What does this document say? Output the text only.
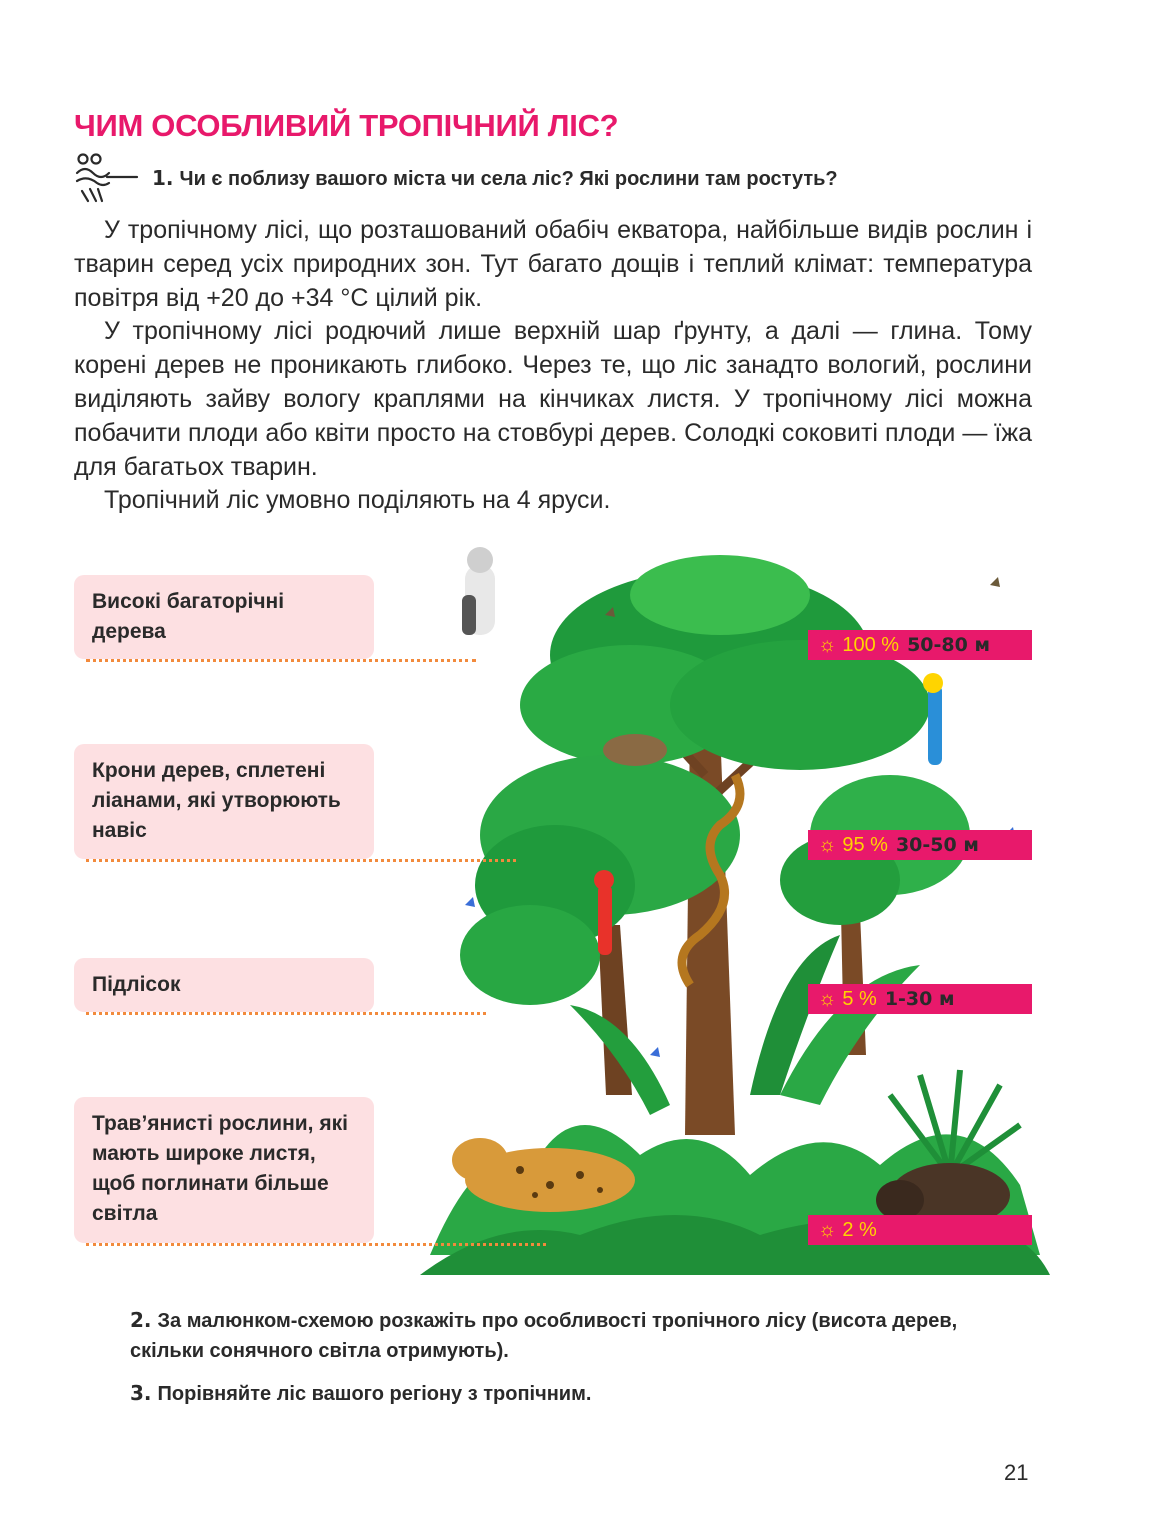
ЧИМ ОСОБЛИВИЙ ТРОПІЧНИЙ ЛІС?
1. Чи є поблизу вашого міста чи села ліс? Які рослини там ростуть?

У тропічному лісі, що розташований обабіч екватора, найбільше видів рослин і тварин серед усіх природних зон. Тут багато дощів і теплий клімат: температура повітря від +20 до +34 °С цілий рік.

У тропічному лісі родючий лише верхній шар ґрунту, а далі — глина. Тому корені дерев не проникають глибоко. Через те, що ліс занадто вологий, рослини виділяють зайву вологу краплями на кінчиках листя. У тропічному лісі можна побачити плоди або квіти просто на стовбурі дерев. Солодкі соковиті плоди — їжа для багатьох тварин.

Тропічний ліс умовно поділяють на 4 яруси.

Високі багаторічні дерева
Крони дерев, сплетені ліанами, які утворюють навіс
Підлісок
Трав’янисті рослини, які мають широке листя, щоб поглинати більше світла
☼ 100 % 50-80 м
☼ 95 % 30-50 м
☼ 5 % 1-30 м
☼ 2 %

2. За малюнком-схемою розкажіть про особливості тропічного лісу (висота дерев, скільки сонячного світла отримують).

3. Порівняйте ліс вашого регіону з тропічним.

21
